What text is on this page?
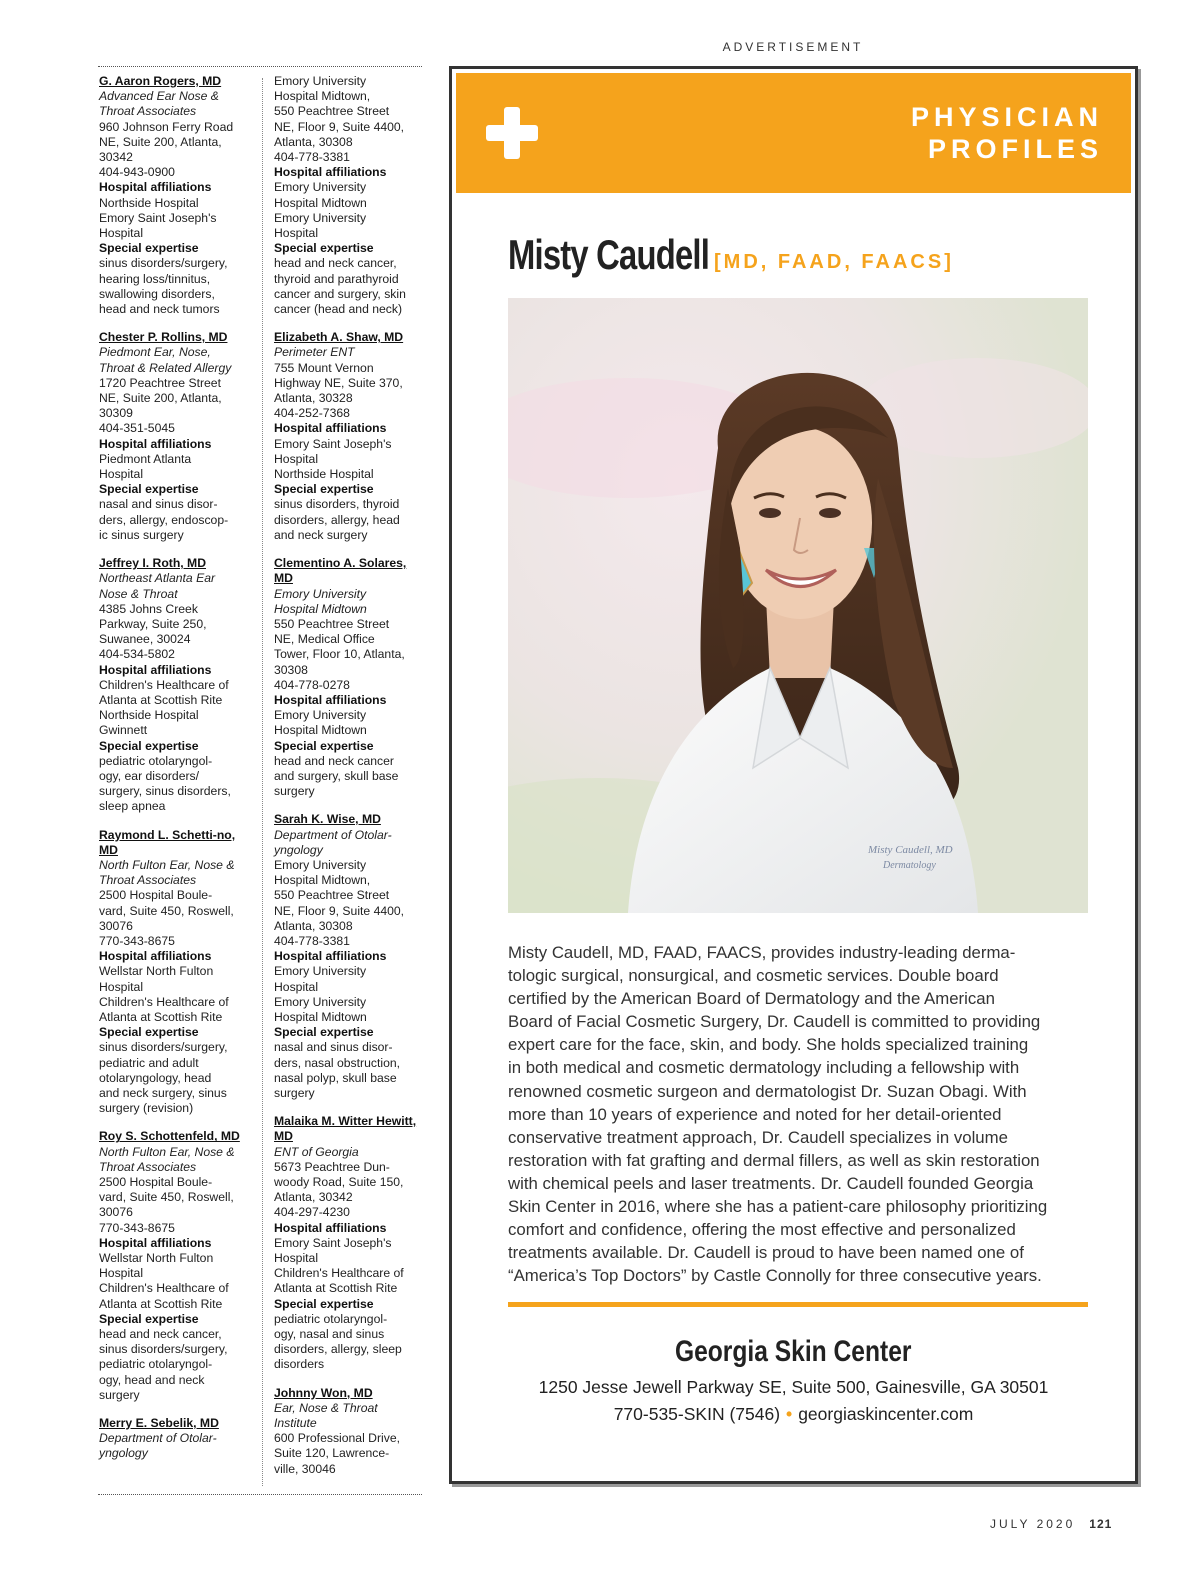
ADVERTISEMENT
G. Aaron Rogers, MD
Advanced Ear Nose &
Throat Associates
960 Johnson Ferry Road
NE, Suite 200, Atlanta,
30342
404-943-0900
Hospital affiliations
Northside Hospital
Emory Saint Joseph's
Hospital
Special expertise
sinus disorders/surgery,
hearing loss/tinnitus,
swallowing disorders,
head and neck tumors
Chester P. Rollins, MD
Piedmont Ear, Nose,
Throat & Related Allergy
1720 Peachtree Street
NE, Suite 200, Atlanta,
30309
404-351-5045
Hospital affiliations
Piedmont Atlanta
Hospital
Special expertise
nasal and sinus disor-
ders, allergy, endoscop-
ic sinus surgery
Jeffrey I. Roth, MD
Northeast Atlanta Ear
Nose & Throat
4385 Johns Creek
Parkway, Suite 250,
Suwanee, 30024
404-534-5802
Hospital affiliations
Children's Healthcare of
Atlanta at Scottish Rite
Northside Hospital
Gwinnett
Special expertise
pediatric otolaryngol-
ogy, ear disorders/
surgery, sinus disorders,
sleep apnea
Raymond L. Schetti-no, MD
North Fulton Ear, Nose &
Throat Associates
2500 Hospital Boule-
vard, Suite 450, Roswell,
30076
770-343-8675
Hospital affiliations
Wellstar North Fulton
Hospital
Children's Healthcare of
Atlanta at Scottish Rite
Special expertise
sinus disorders/surgery,
pediatric and adult
otolaryngology, head
and neck surgery, sinus
surgery (revision)
Roy S. Schottenfeld, MD
North Fulton Ear, Nose &
Throat Associates
2500 Hospital Boule-
vard, Suite 450, Roswell,
30076
770-343-8675
Hospital affiliations
Wellstar North Fulton
Hospital
Children's Healthcare of
Atlanta at Scottish Rite
Special expertise
head and neck cancer,
sinus disorders/surgery,
pediatric otolaryngol-
ogy, head and neck
surgery
Merry E. Sebelik, MD
Department of Otolar-
yngology
Emory University
Hospital Midtown,
550 Peachtree Street
NE, Floor 9, Suite 4400,
Atlanta, 30308
404-778-3381
Hospital affiliations
Emory University
Hospital Midtown
Emory University
Hospital
Special expertise
head and neck cancer,
thyroid and parathyroid
cancer and surgery, skin
cancer (head and neck)
Elizabeth A. Shaw, MD
Perimeter ENT
755 Mount Vernon
Highway NE, Suite 370,
Atlanta, 30328
404-252-7368
Hospital affiliations
Emory Saint Joseph's
Hospital
Northside Hospital
Special expertise
sinus disorders, thyroid
disorders, allergy, head
and neck surgery
Clementino A. Solares, MD
Emory University
Hospital Midtown
550 Peachtree Street
NE, Medical Office
Tower, Floor 10, Atlanta,
30308
404-778-0278
Hospital affiliations
Emory University
Hospital Midtown
Special expertise
head and neck cancer
and surgery, skull base
surgery
Sarah K. Wise, MD
Department of Otolar-
yngology
Emory University
Hospital Midtown,
550 Peachtree Street
NE, Floor 9, Suite 4400,
Atlanta, 30308
404-778-3381
Hospital affiliations
Emory University
Hospital
Emory University
Hospital Midtown
Special expertise
nasal and sinus disor-
ders, nasal obstruction,
nasal polyp, skull base
surgery
Malaika M. Witter Hewitt, MD
ENT of Georgia
5673 Peachtree Dun-
woody Road, Suite 150,
Atlanta, 30342
404-297-4230
Hospital affiliations
Emory Saint Joseph's
Hospital
Children's Healthcare of
Atlanta at Scottish Rite
Special expertise
pediatric otolaryngol-
ogy, nasal and sinus
disorders, allergy, sleep
disorders
Johnny Won, MD
Ear, Nose & Throat
Institute
600 Professional Drive,
Suite 120, Lawrence-
ville, 30046
PHYSICIAN
PROFILES
Misty Caudell [MD, FAAD, FAACS]
Misty Caudell, MD
Dermatology
Misty Caudell, MD, FAAD, FAACS, provides industry-leading derma-
tologic surgical, nonsurgical, and cosmetic services. Double board
certified by the American Board of Dermatology and the American
Board of Facial Cosmetic Surgery, Dr. Caudell is committed to providing
expert care for the face, skin, and body. She holds specialized training
in both medical and cosmetic dermatology including a fellowship with
renowned cosmetic surgeon and dermatologist Dr. Suzan Obagi. With
more than 10 years of experience and noted for her detail-oriented
conservative treatment approach, Dr. Caudell specializes in volume
restoration with fat grafting and dermal fillers, as well as skin restoration
with chemical peels and laser treatments. Dr. Caudell founded Georgia
Skin Center in 2016, where she has a patient-care philosophy prioritizing
comfort and confidence, offering the most effective and personalized
treatments available. Dr. Caudell is proud to have been named one of
“America’s Top Doctors” by Castle Connolly for three consecutive years.
Georgia Skin Center
1250 Jesse Jewell Parkway SE, Suite 500, Gainesville, GA 30501
770-535-SKIN (7546) • georgiaskincenter.com
JULY 2020 121
